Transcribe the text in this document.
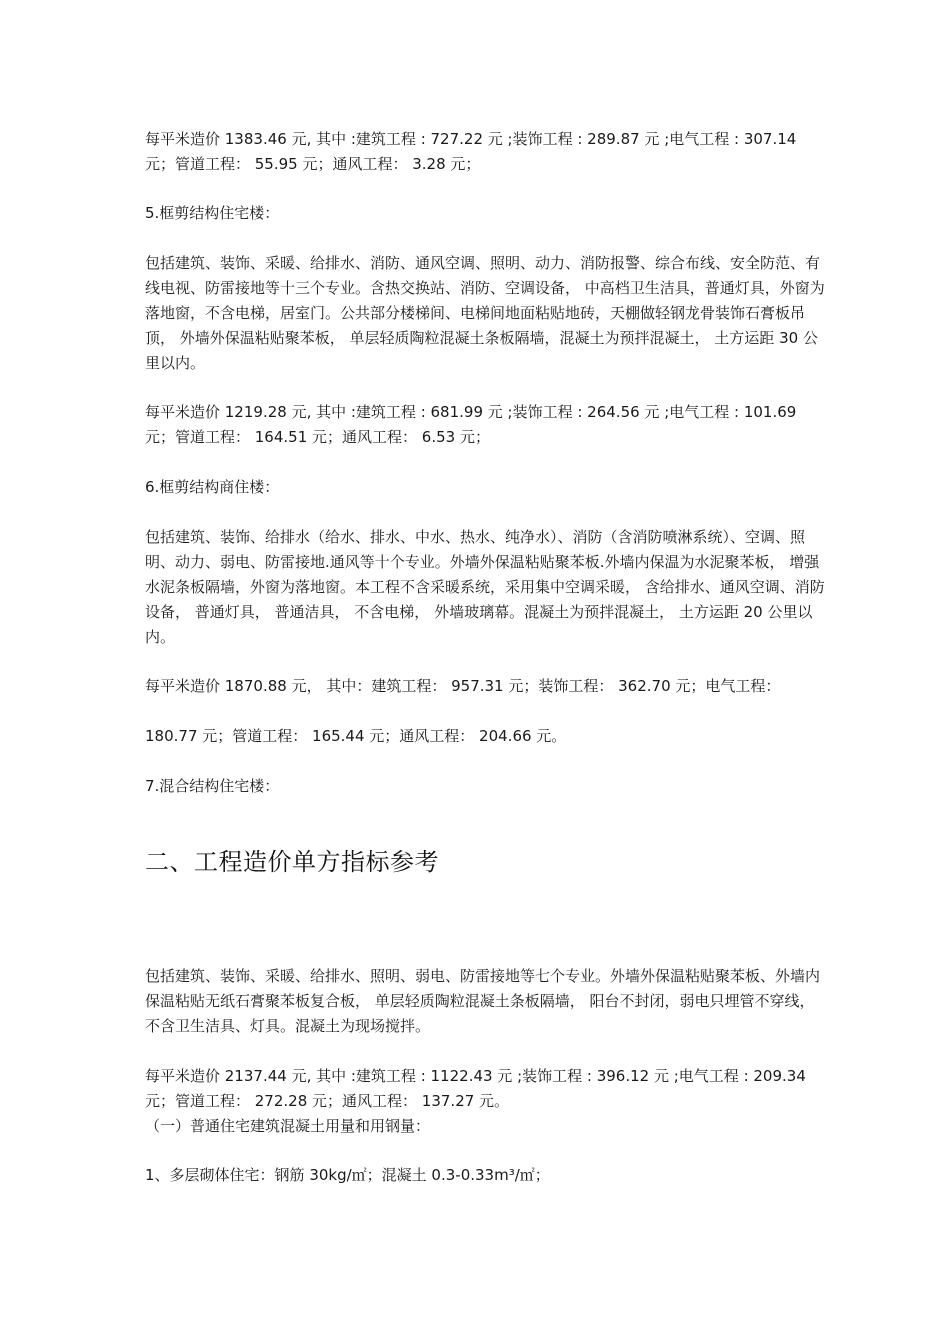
每平米造价 1383.46 元, 其中 :建筑工程 : 727.22 元 ;装饰工程 : 289.87 元 ;电气工程 : 307.14 元；管道工程： 55.95 元；通风工程： 3.28 元；

5.框剪结构住宅楼：

包括建筑、装饰、采暖、给排水、消防、通风空调、照明、动力、消防报警、综合布线、安全防范、有线电视、防雷接地等十三个专业。含热交换站、消防、空调设备， 中高档卫生洁具，普通灯具，外窗为落地窗，不含电梯，居室门。公共部分楼梯间、电梯间地面粘贴地砖，天棚做轻钢龙骨装饰石膏板吊顶， 外墙外保温粘贴聚苯板， 单层轻质陶粒混凝土条板隔墙，混凝土为预拌混凝土， 土方运距 30 公里以内。

每平米造价 1219.28 元, 其中 :建筑工程 : 681.99 元 ;装饰工程 : 264.56 元 ;电气工程 : 101.69 元；管道工程： 164.51 元；通风工程： 6.53 元；

6.框剪结构商住楼：

包括建筑、装饰、给排水（给水、排水、中水、热水、纯净水）、消防（含消防喷淋系统）、空调、照明、动力、弱电、防雷接地.通风等十个专业。外墙外保温粘贴聚苯板.外墙内保温为水泥聚苯板， 增强水泥条板隔墙，外窗为落地窗。本工程不含采暖系统，采用集中空调采暖， 含给排水、通风空调、消防设备， 普通灯具， 普通洁具， 不含电梯， 外墙玻璃幕。混凝土为预拌混凝土， 土方运距 20 公里以内。

每平米造价 1870.88 元， 其中：建筑工程： 957.31 元；装饰工程： 362.70 元；电气工程：

180.77 元；管道工程： 165.44 元；通风工程： 204.66 元。

7.混合结构住宅楼：

二、工程造价单方指标参考

包括建筑、装饰、采暖、给排水、照明、弱电、防雷接地等七个专业。外墙外保温粘贴聚苯板、外墙内保温粘贴无纸石膏聚苯板复合板， 单层轻质陶粒混凝土条板隔墙， 阳台不封闭，弱电只埋管不穿线， 不含卫生洁具、灯具。混凝土为现场搅拌。

每平米造价 2137.44 元, 其中 :建筑工程 : 1122.43 元 ;装饰工程 : 396.12 元 ;电气工程 : 209.34 元；管道工程： 272.28 元；通风工程： 137.27 元。

（一）普通住宅建筑混凝土用量和用钢量：

1、多层砌体住宅：钢筋 30kg/㎡；混凝土 0.3-0.33m³/㎡；
